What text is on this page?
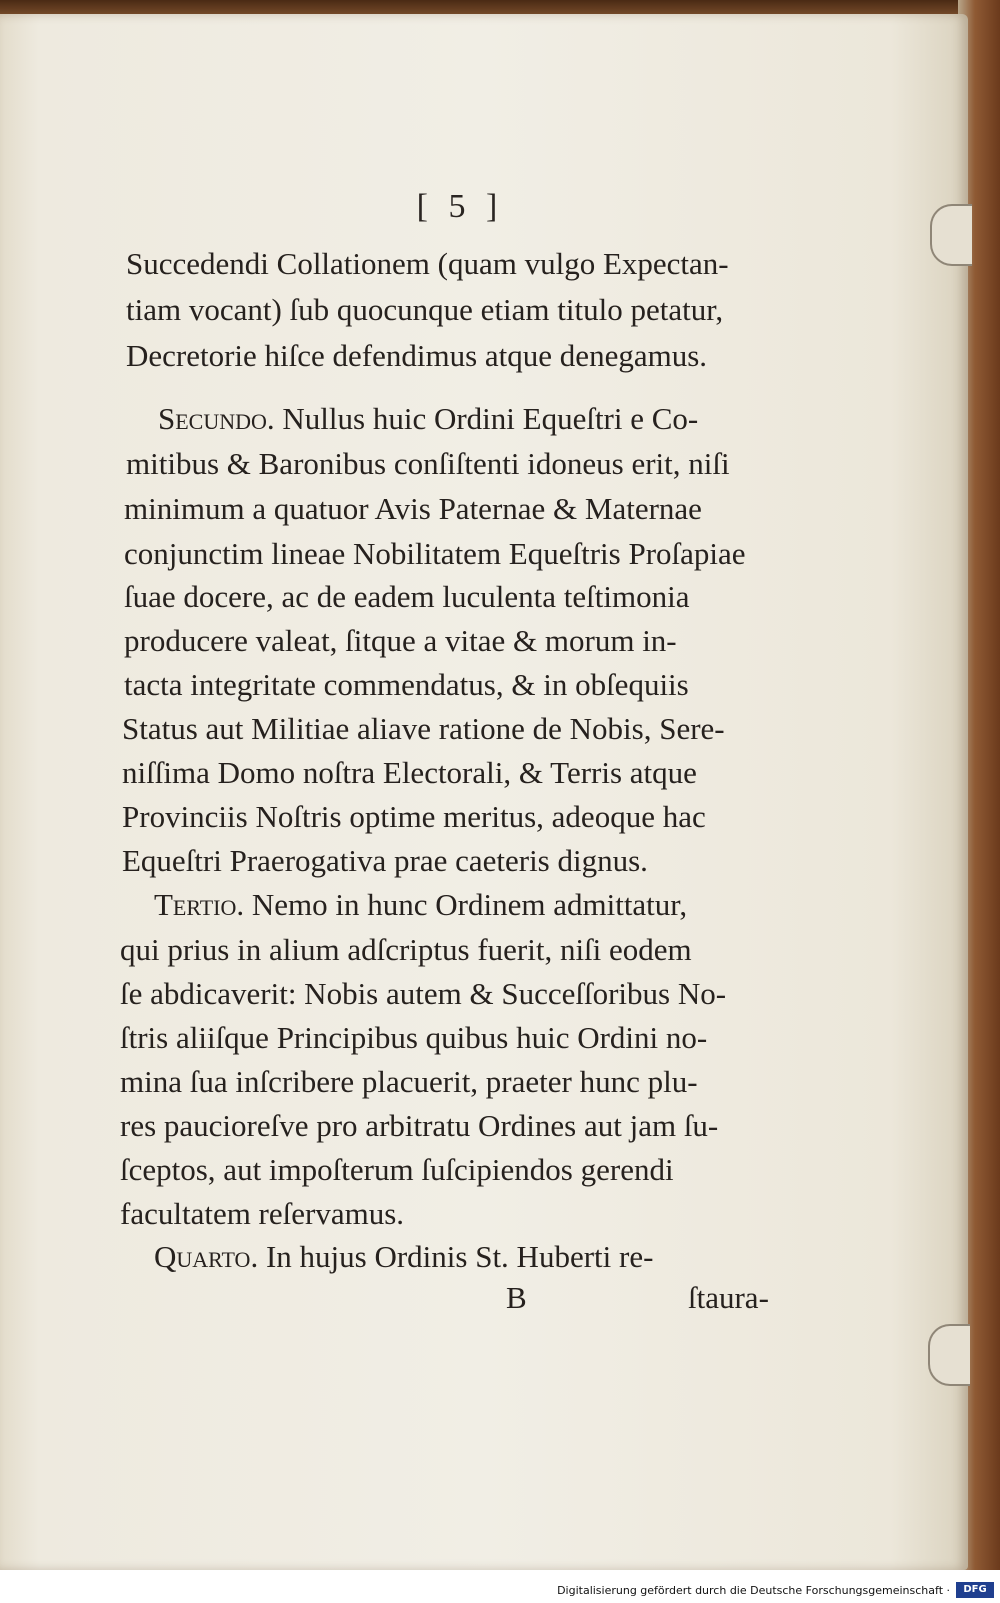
[ 5 ]
Succedendi Collationem (quam vulgo Expectan-
tiam vocant) ſub quocunque etiam titulo petatur,
Decretorie hiſce defendimus atque denegamus.
Secundo. Nullus huic Ordini Equeſtri e Co-
mitibus & Baronibus conſiſtenti idoneus erit, niſi
minimum a quatuor Avis Paternae & Maternae
conjunctim lineae Nobilitatem Equeſtris Proſapiae
ſuae docere, ac de eadem luculenta teſtimonia
producere valeat, ſitque a vitae & morum in-
tacta integritate commendatus, & in obſequiis
Status aut Militiae aliave ratione de Nobis, Sere-
niſſima Domo noſtra Electorali, & Terris atque
Provinciis Noſtris optime meritus, adeoque hac
Equeſtri Praerogativa prae caeteris dignus.
Tertio. Nemo in hunc Ordinem admittatur,
qui prius in alium adſcriptus fuerit, niſi eodem
ſe abdicaverit: Nobis autem & Succeſſoribus No-
ſtris aliiſque Principibus quibus huic Ordini no-
mina ſua inſcribere placuerit, praeter hunc plu-
res paucioreſve pro arbitratu Ordines aut jam ſu-
ſceptos, aut impoſterum ſuſcipiendos gerendi
facultatem reſervamus.
Quarto. In hujus Ordinis St. Huberti re-
B	ſtaura-
Digitalisierung gefördert durch die Deutsche Forschungsgemeinschaft ·	DFG
